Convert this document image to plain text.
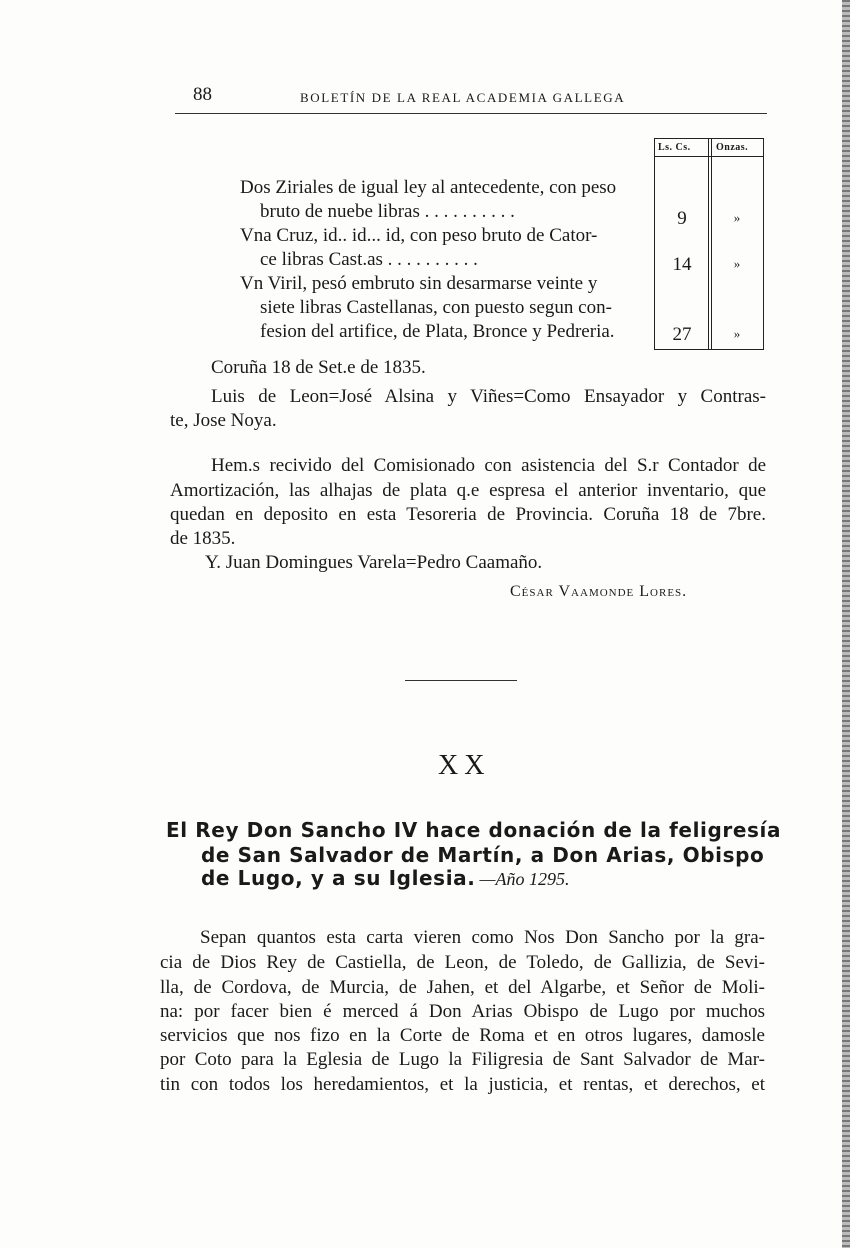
88	BOLETÍN DE LA REAL ACADEMIA GALLEGA
Ls. Cs.	Onzas.
Dos Ziriales de igual ley al antecedente, con peso
bruto de nuebe libras . . . . . . . . . .	9	»
Vna Cruz, id.. id... id, con peso bruto de Cator-
ce libras Cast.as . . . . . . . . . .	14	»
Vn Viril, pesó embruto sin desarmarse veinte y
siete libras Castellanas, con puesto segun con-
fesion del artifice, de Plata, Bronce y Pedreria.	27	»
Coruña 18 de Set.e de 1835.
Luis de Leon=José Alsina y Viñes=Como Ensayador y Contras-
te, Jose Noya.
Hem.s recivido del Comisionado con asistencia del S.r Contador de
Amortización, las alhajas de plata q.e espresa el anterior inventario, que
quedan en deposito en esta Tesoreria de Provincia. Coruña 18 de 7bre.
de 1835.
Y. Juan Domingues Varela=Pedro Caamaño.
César Vaamonde Lores.
XX
El Rey Don Sancho IV hace donación de la feligresía
de San Salvador de Martín, a Don Arias, Obispo
de Lugo, y a su Iglesia. —Año 1295.
Sepan quantos esta carta vieren como Nos Don Sancho por la gra-
cia de Dios Rey de Castiella, de Leon, de Toledo, de Gallizia, de Sevi-
lla, de Cordova, de Murcia, de Jahen, et del Algarbe, et Señor de Moli-
na: por facer bien é merced á Don Arias Obispo de Lugo por muchos
servicios que nos fizo en la Corte de Roma et en otros lugares, damosle
por Coto para la Eglesia de Lugo la Filigresia de Sant Salvador de Mar-
tin con todos los heredamientos, et la justicia, et rentas, et derechos, et
